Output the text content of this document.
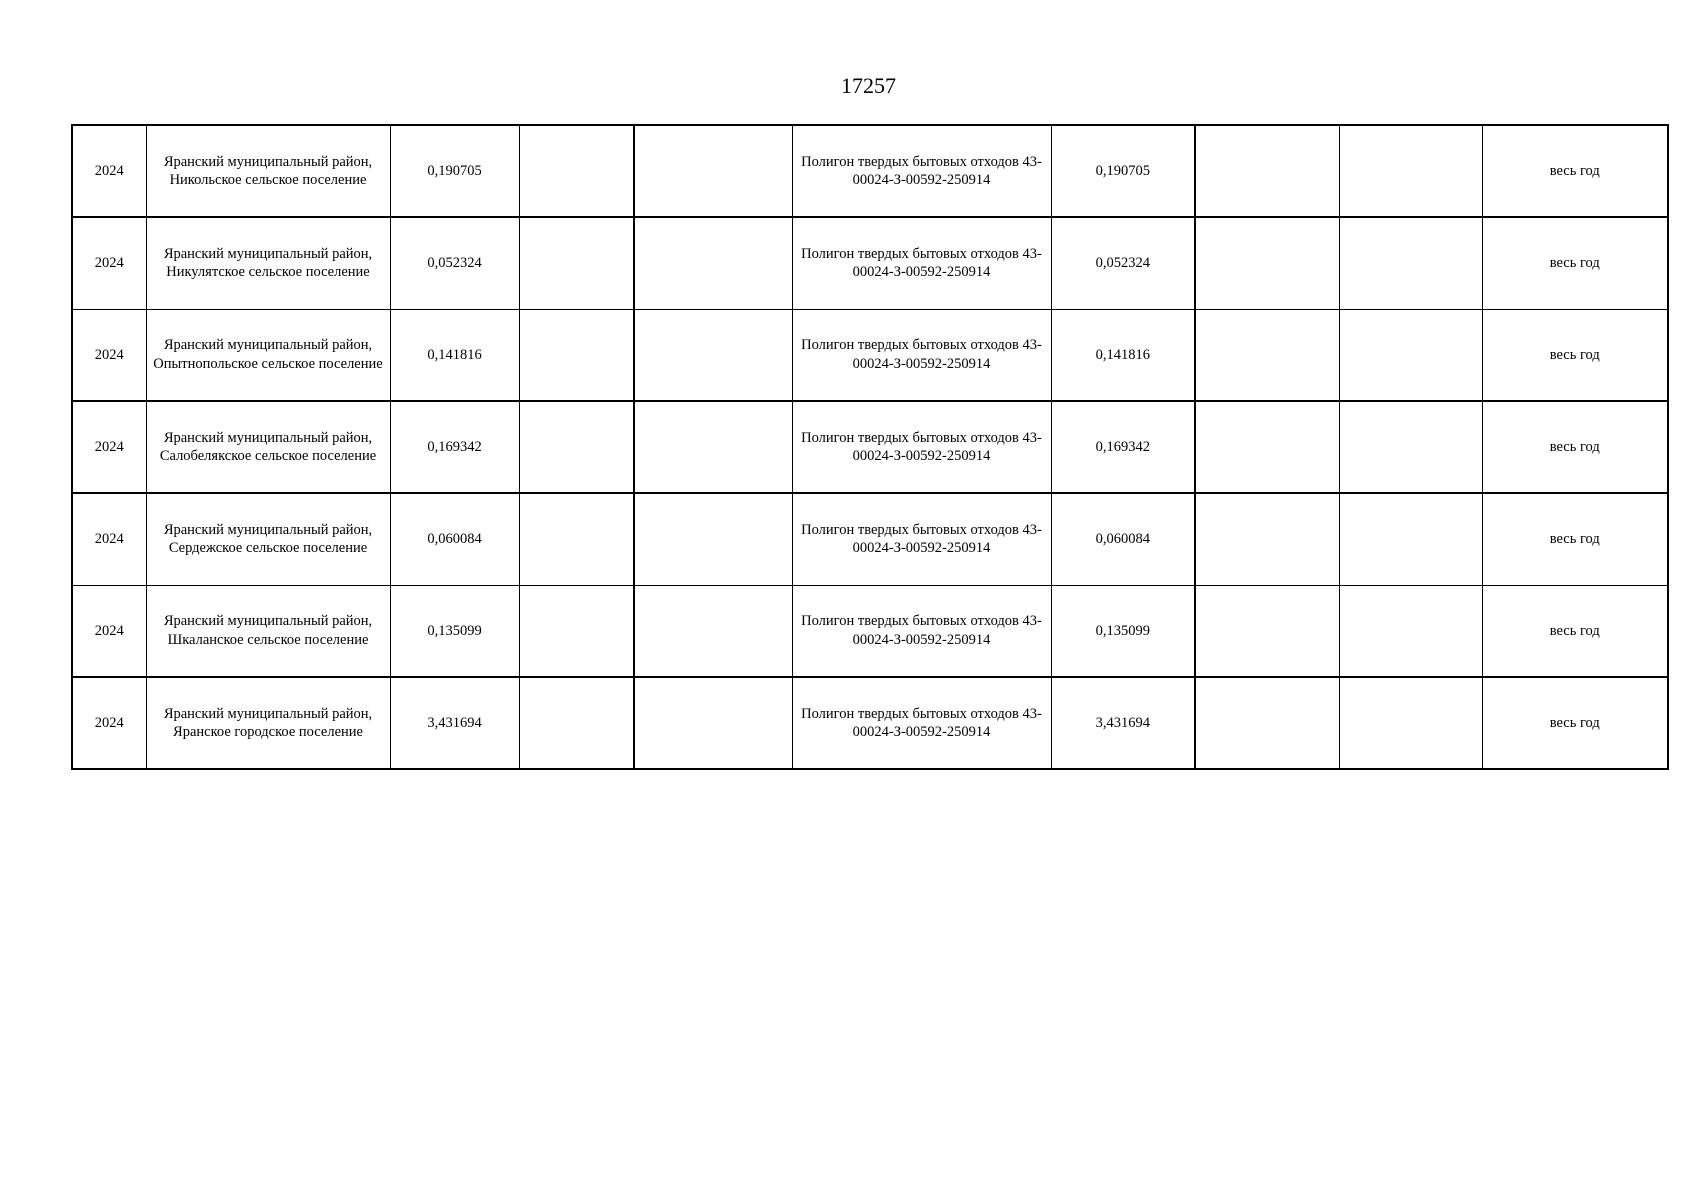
17257
2024	Яранский муниципальный район, Никольское сельское поселение	0,190705			Полигон твердых бытовых отходов 43-00024-З-00592-250914	0,190705			весь год
2024	Яранский муниципальный район, Никулятское сельское поселение	0,052324			Полигон твердых бытовых отходов 43-00024-З-00592-250914	0,052324			весь год
2024	Яранский муниципальный район, Опытнопольское сельское поселение	0,141816			Полигон твердых бытовых отходов 43-00024-З-00592-250914	0,141816			весь год
2024	Яранский муниципальный район, Салобелякское сельское поселение	0,169342			Полигон твердых бытовых отходов 43-00024-З-00592-250914	0,169342			весь год
2024	Яранский муниципальный район, Сердежское сельское поселение	0,060084			Полигон твердых бытовых отходов 43-00024-З-00592-250914	0,060084			весь год
2024	Яранский муниципальный район, Шкаланское сельское поселение	0,135099			Полигон твердых бытовых отходов 43-00024-З-00592-250914	0,135099			весь год
2024	Яранский муниципальный район, Яранское городское поселение	3,431694			Полигон твердых бытовых отходов 43-00024-З-00592-250914	3,431694			весь год
